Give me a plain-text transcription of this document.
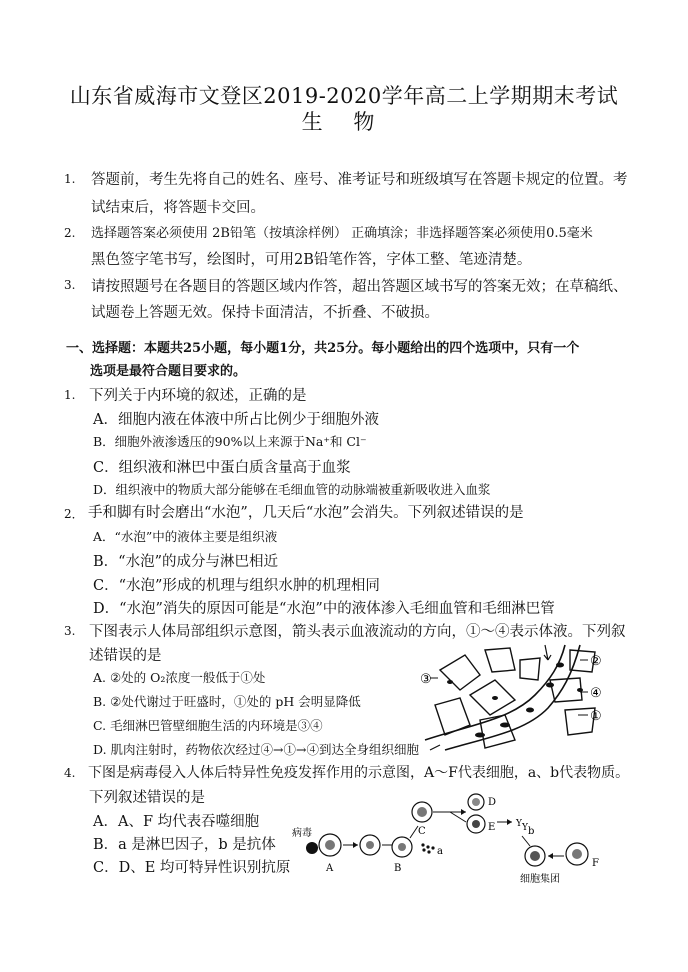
山东省威海市文登区2019-2020学年高二上学期期末考试
生 物
1. 答题前，考生先将自己的姓名、座号、准考证号和班级填写在答题卡规定的位置。考
试结束后，将答题卡交回。
2. 选择题答案必须使用 2B铅笔（按填涂样例） 正确填涂；非选择题答案必须使用0.5毫米
黑色签字笔书写，绘图时，可用2B铅笔作答，字体工整、笔迹清楚。
3. 请按照题号在各题目的答题区域内作答，超出答题区域书写的答案无效；在草稿纸、
试题卷上答题无效。保持卡面清洁，不折叠、不破损。
一、选择题：本题共25小题，每小题1分，共25分。每小题给出的四个选项中，只有一个
选项是最符合题目要求的。
1. 下列关于内环境的叙述，正确的是
A．细胞内液在体液中所占比例少于细胞外液
B．细胞外液渗透压的90%以上来源于Na⁺和 Cl⁻
C．组织液和淋巴中蛋白质含量高于血浆
D．组织液中的物质大部分能够在毛细血管的动脉端被重新吸收进入血浆
2． 手和脚有时会磨出“水泡”，几天后“水泡”会消失。下列叙述错误的是
A．“水泡”中的液体主要是组织液
B．“水泡”的成分与淋巴相近
C．“水泡”形成的机理与组织水肿的机理相同
D．“水泡”消失的原因可能是“水泡”中的液体渗入毛细血管和毛细淋巴管
3. 下图表示人体局部组织示意图，箭头表示血液流动的方向，①～④表示体液。下列叙
述错误的是
A. ②处的 O₂浓度一般低于①处
B. ②处代谢过于旺盛时，①处的 pH 会明显降低
C. 毛细淋巴管壁细胞生活的内环境是③④
D. 肌肉注射时，药物依次经过④→①→④到达全身组织细胞
②
④
①
③
4. 下图是病毒侵入人体后特异性免疫发挥作用的示意图，A～F代表细胞，a、b代表物质。
下列叙述错误的是
A．A、F 均代表吞噬细胞
B．a 是淋巴因子，b 是抗体
C．D、E 均可特异性识别抗原
病毒
A	B
a
C
D
E Y Y b
细胞集团
F
